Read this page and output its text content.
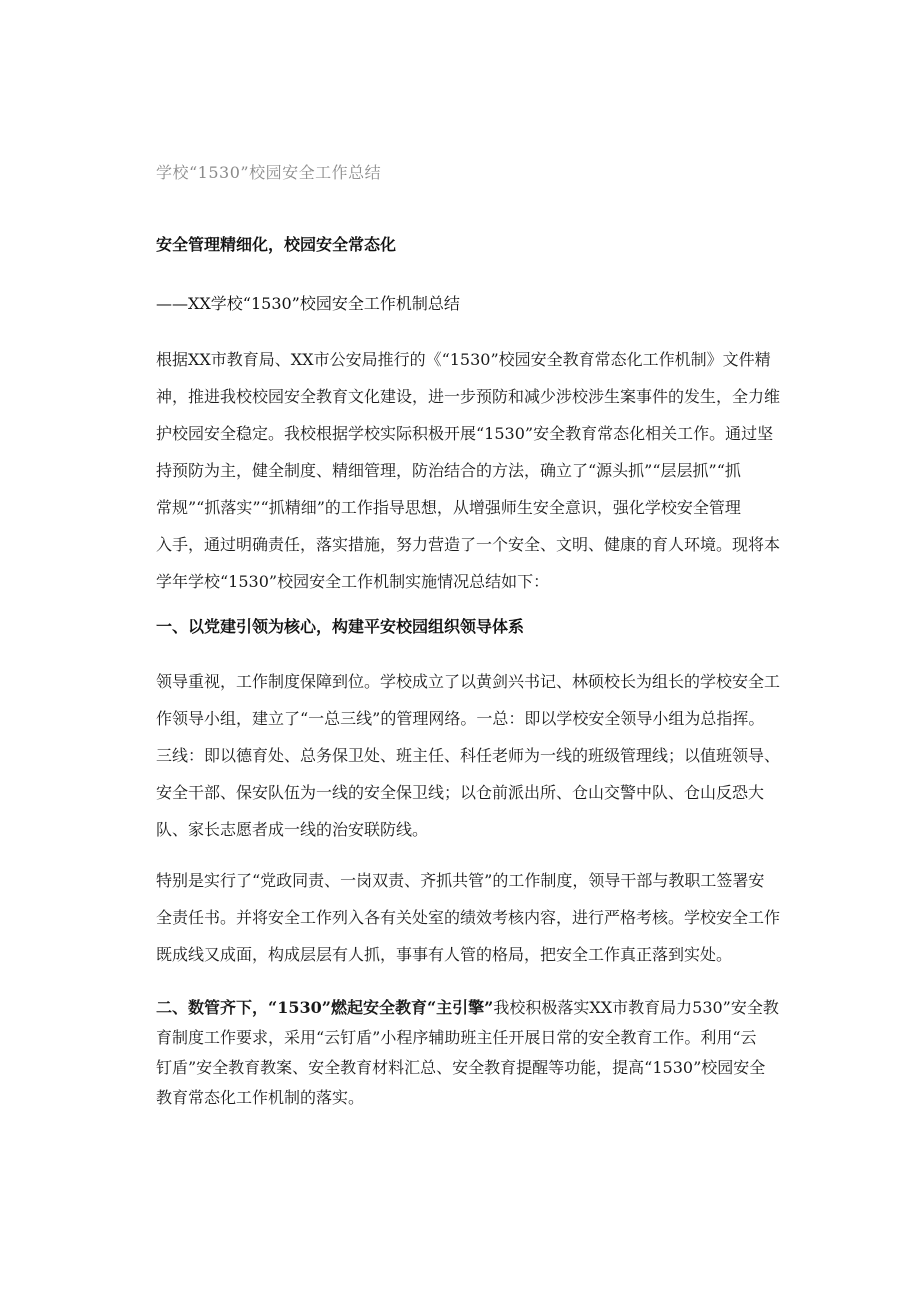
学校“1530”校园安全工作总结
安全管理精细化，校园安全常态化
——XX学校“1530”校园安全工作机制总结
根据XX市教育局、XX市公安局推行的《“1530”校园安全教育常态化工作机制》文件精
神，推进我校校园安全教育文化建设，进一步预防和减少涉校涉生案事件的发生，全力维
护校园安全稳定。我校根据学校实际积极开展“1530”安全教育常态化相关工作。通过坚
持预防为主，健全制度、精细管理，防治结合的方法，确立了“源头抓”“层层抓”“抓
常规”“抓落实”“抓精细”的工作指导思想，从增强师生安全意识，强化学校安全管理
入手，通过明确责任，落实措施，努力营造了一个安全、文明、健康的育人环境。现将本
学年学校“1530”校园安全工作机制实施情况总结如下：
一、以党建引领为核心，构建平安校园组织领导体系
领导重视，工作制度保障到位。学校成立了以黄剑兴书记、林硕校长为组长的学校安全工
作领导小组，建立了“一总三线”的管理网络。一总：即以学校安全领导小组为总指挥。
三线：即以德育处、总务保卫处、班主任、科任老师为一线的班级管理线；以值班领导、
安全干部、保安队伍为一线的安全保卫线；以仓前派出所、仓山交警中队、仓山反恐大
队、家长志愿者成一线的治安联防线。
特别是实行了“党政同责、一岗双责、齐抓共管”的工作制度，领导干部与教职工签署安
全责任书。并将安全工作列入各有关处室的绩效考核内容，进行严格考核。学校安全工作
既成线又成面，构成层层有人抓，事事有人管的格局，把安全工作真正落到实处。
二、数管齐下，“1530”燃起安全教育“主引擎”我校积极落实XX市教育局力530”安全教
育制度工作要求，采用“云钉盾”小程序辅助班主任开展日常的安全教育工作。利用“云
钉盾”安全教育教案、安全教育材料汇总、安全教育提醒等功能，提高“1530”校园安全
教育常态化工作机制的落实。
